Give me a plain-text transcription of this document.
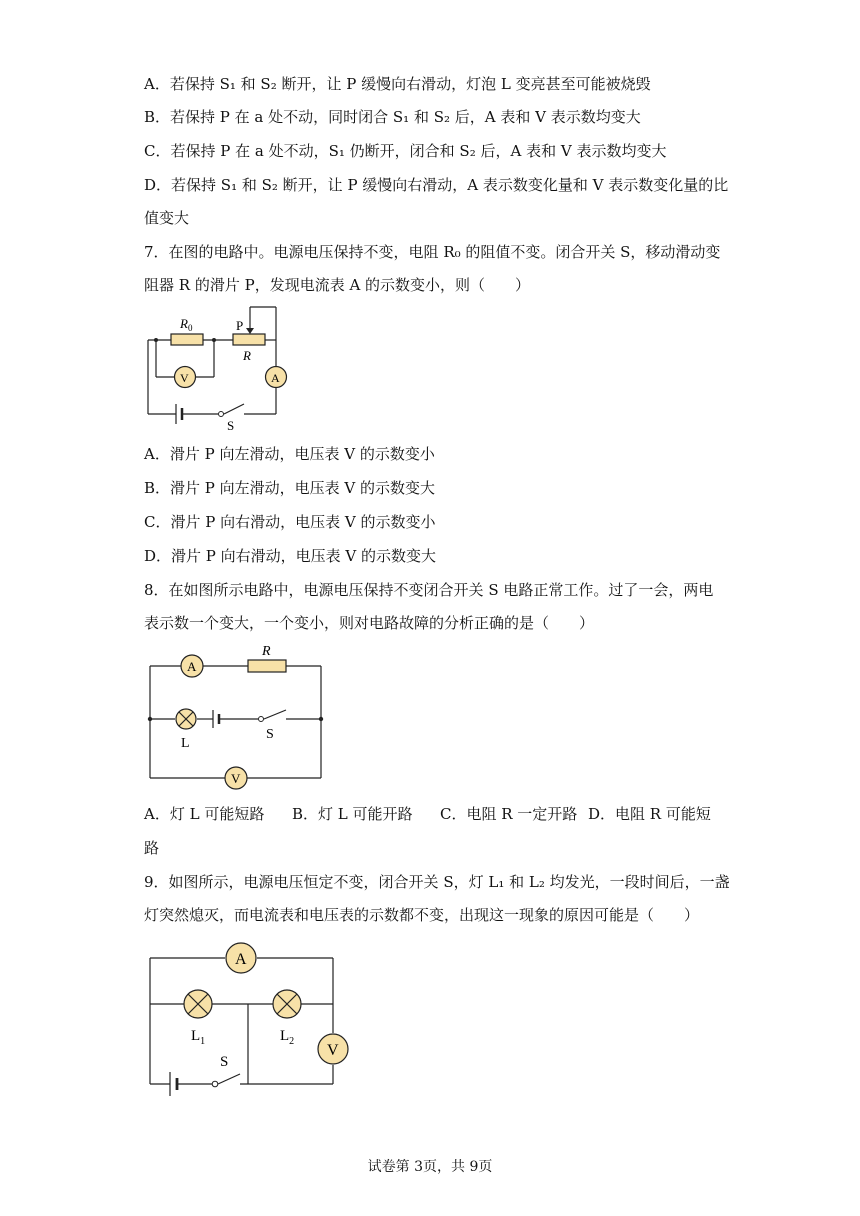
A．若保持 S₁ 和 S₂ 断开，让 P 缓慢向右滑动，灯泡 L 变亮甚至可能被烧毁
B．若保持 P 在 a 处不动，同时闭合 S₁ 和 S₂ 后，A 表和 V 表示数均变大
C．若保持 P 在 a 处不动，S₁ 仍断开，闭合和 S₂ 后，A 表和 V 表示数均变大
D．若保持 S₁ 和 S₂ 断开，让 P 缓慢向右滑动，A 表示数变化量和 V 表示数变化量的比
值变大
7．在图的电路中。电源电压保持不变，电阻 R₀ 的阻值不变。闭合开关 S，移动滑动变
阻器 R 的滑片 P，发现电流表 A 的示数变小，则（　　）
$R_0$	P
R
V	A
S
A．滑片 P 向左滑动，电压表 V 的示数变小
B．滑片 P 向左滑动，电压表 V 的示数变大
C．滑片 P 向右滑动，电压表 V 的示数变小
D．滑片 P 向右滑动，电压表 V 的示数变大
8．在如图所示电路中，电源电压保持不变闭合开关 S 电路正常工作。过了一会，两电
表示数一个变大，一个变小，则对电路故障的分析正确的是（　　）
A
R
L
S
V
A．灯 L 可能短路 B．灯 L 可能开路 C．电阻 R 一定开路 D．电阻 R 可能短
路
9．如图所示，电源电压恒定不变，闭合开关 S，灯 L₁ 和 L₂ 均发光，一段时间后，一盏
灯突然熄灭，而电流表和电压表的示数都不变，出现这一现象的原因可能是（　　）
A
$L_1$	$L_2$
V
S
试卷第 3页，共 9页
